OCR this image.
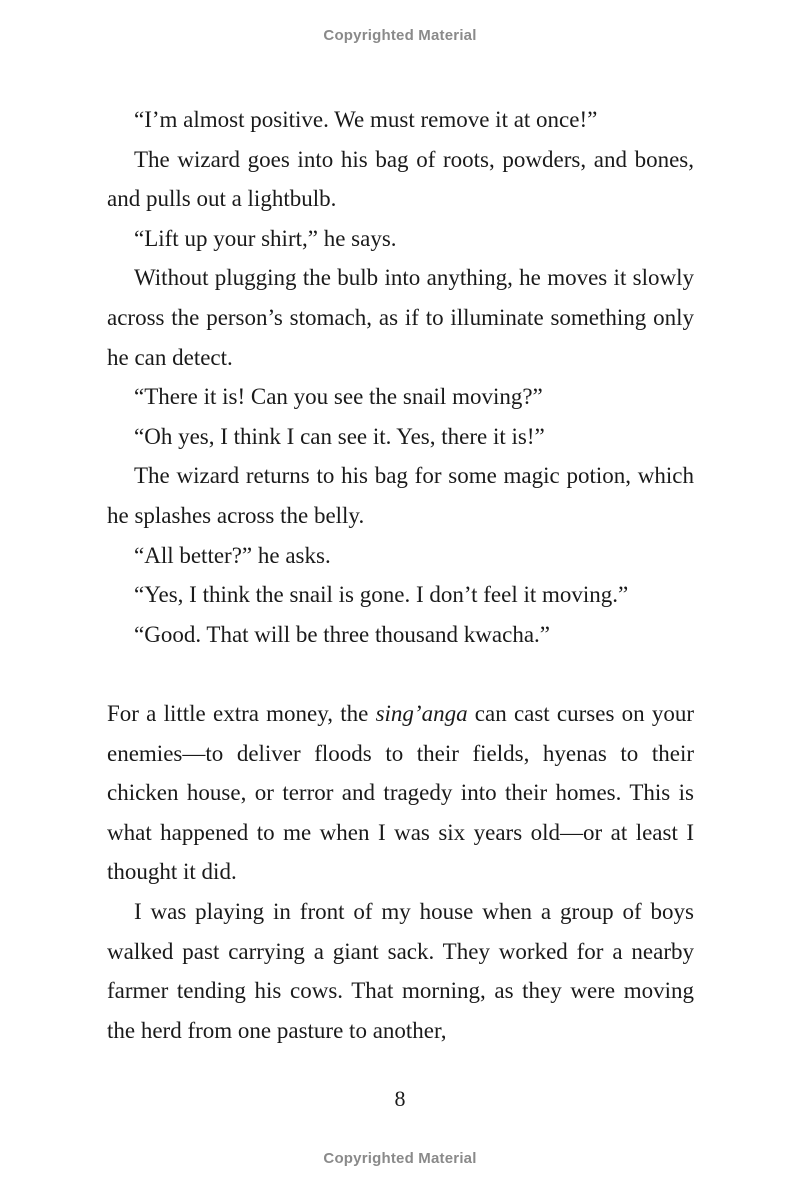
Copyrighted Material

“I’m almost positive. We must remove it at once!”

The wizard goes into his bag of roots, powders, and bones, and pulls out a lightbulb.

“Lift up your shirt,” he says.

Without plugging the bulb into anything, he moves it slowly across the person’s stomach, as if to illuminate something only he can detect.

“There it is! Can you see the snail moving?”

“Oh yes, I think I can see it. Yes, there it is!”

The wizard returns to his bag for some magic potion, which he splashes across the belly.

“All better?” he asks.

“Yes, I think the snail is gone. I don’t feel it moving.”

“Good. That will be three thousand kwacha.”

For a little extra money, the sing’anga can cast curses on your enemies—to deliver floods to their fields, hyenas to their chicken house, or terror and tragedy into their homes. This is what happened to me when I was six years old—or at least I thought it did.

I was playing in front of my house when a group of boys walked past carrying a giant sack. They worked for a nearby farmer tending his cows. That morning, as they were moving the herd from one pasture to another,

8
Copyrighted Material
